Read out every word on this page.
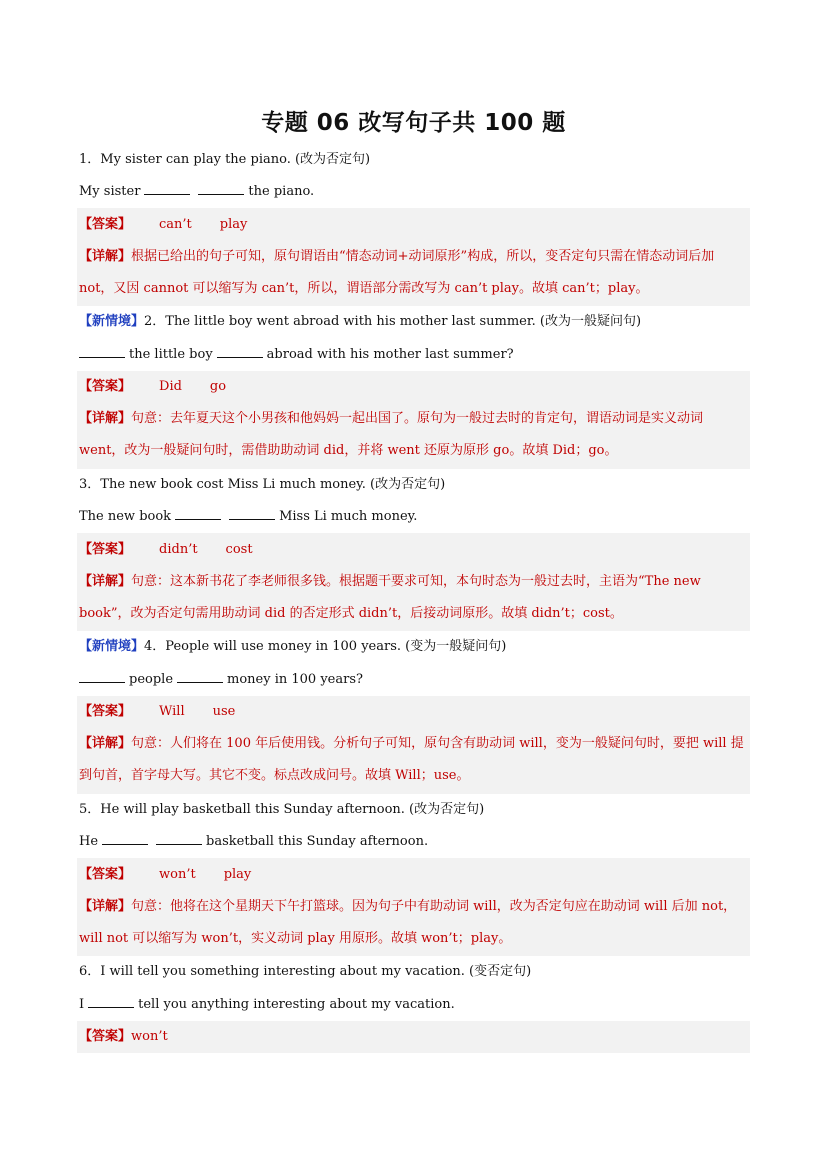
专题 06 改写句子共 100 题
1．My sister can play the piano. (改为否定句)
My sister	the piano.
【答案】 can’t play
【详解】根据已给出的句子可知，原句谓语由“情态动词+动词原形”构成，所以，变否定句只需在情态动词后加 not，又因 cannot 可以缩写为 can’t，所以，谓语部分需改写为 can’t play。故填 can’t；play。
【新情境】2．The little boy went abroad with his mother last summer. (改为一般疑问句)
the little boy	abroad with his mother last summer?
【答案】 Did go
【详解】句意：去年夏天这个小男孩和他妈妈一起出国了。原句为一般过去时的肯定句，谓语动词是实义动词 went，改为一般疑问句时，需借助助动词 did，并将 went 还原为原形 go。故填 Did；go。
3．The new book cost Miss Li much money. (改为否定句)
The new book	Miss Li much money.
【答案】 didn’t cost
【详解】句意：这本新书花了李老师很多钱。根据题干要求可知，本句时态为一般过去时，主语为“The new book”，改为否定句需用助动词 did 的否定形式 didn’t，后接动词原形。故填 didn’t；cost。
【新情境】4．People will use money in 100 years. (变为一般疑问句)
people	money in 100 years?
【答案】 Will use
【详解】句意：人们将在 100 年后使用钱。分析句子可知，原句含有助动词 will，变为一般疑问句时，要把 will 提到句首，首字母大写。其它不变。标点改成问号。故填 Will；use。
5．He will play basketball this Sunday afternoon. (改为否定句)
He	basketball this Sunday afternoon.
【答案】 won’t play
【详解】句意：他将在这个星期天下午打篮球。因为句子中有助动词 will，改为否定句应在助动词 will 后加 not，will not 可以缩写为 won’t，实义动词 play 用原形。故填 won’t；play。
6．I will tell you something interesting about my vacation. (变否定句)
I	tell you anything interesting about my vacation.
【答案】won’t
